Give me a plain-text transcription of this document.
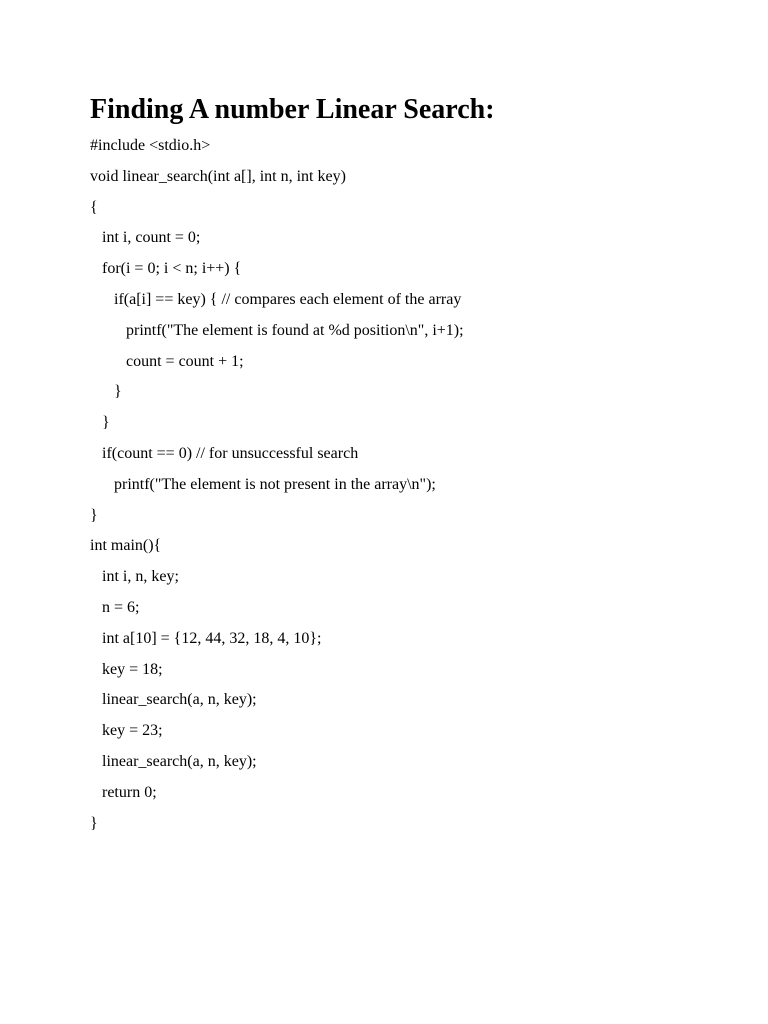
Finding A number Linear Search:
#include <stdio.h>
void linear_search(int a[], int n, int key)
{
int i, count = 0;
for(i = 0; i < n; i++) {
if(a[i] == key) { // compares each element of the array
printf("The element is found at %d position\n", i+1);
count = count + 1;
}
}
if(count == 0) // for unsuccessful search
printf("The element is not present in the array\n");
}
int main(){
int i, n, key;
n = 6;
int a[10] = {12, 44, 32, 18, 4, 10};
key = 18;
linear_search(a, n, key);
key = 23;
linear_search(a, n, key);
return 0;
}
